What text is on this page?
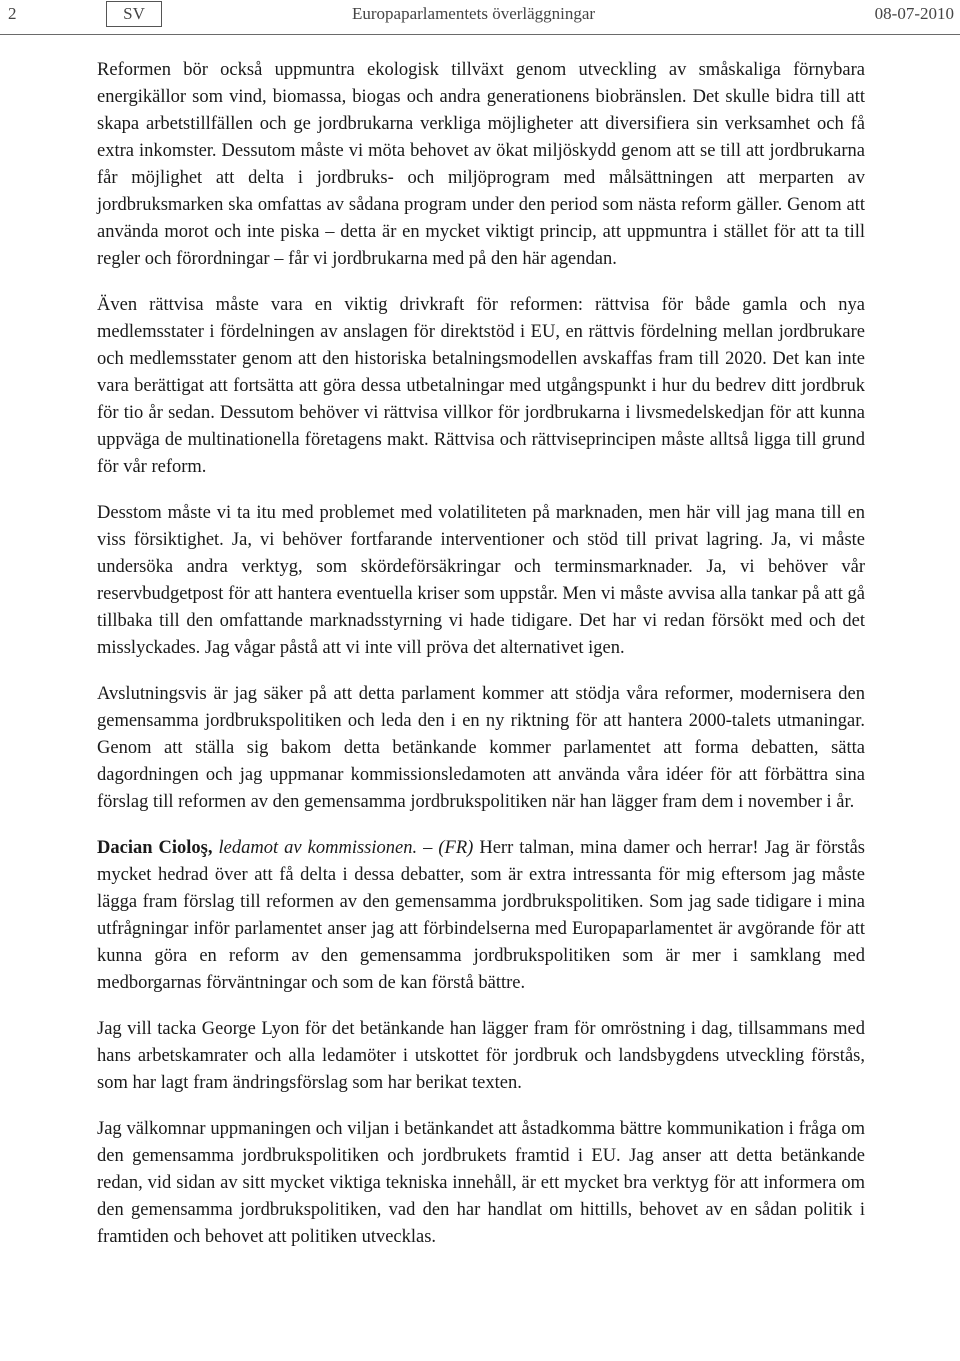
2	SV	Europaparlamentets överläggningar	08-07-2010

Reformen bör också uppmuntra ekologisk tillväxt genom utveckling av småskaliga förnybara energikällor som vind, biomassa, biogas och andra generationens biobränslen. Det skulle bidra till att skapa arbetstillfällen och ge jordbrukarna verkliga möjligheter att diversifiera sin verksamhet och få extra inkomster. Dessutom måste vi möta behovet av ökat miljöskydd genom att se till att jordbrukarna får möjlighet att delta i jordbruks- och miljöprogram med målsättningen att merparten av jordbruksmarken ska omfattas av sådana program under den period som nästa reform gäller. Genom att använda morot och inte piska – detta är en mycket viktigt princip, att uppmuntra i stället för att ta till regler och förordningar – får vi jordbrukarna med på den här agendan.

Även rättvisa måste vara en viktig drivkraft för reformen: rättvisa för både gamla och nya medlemsstater i fördelningen av anslagen för direktstöd i EU, en rättvis fördelning mellan jordbrukare och medlemsstater genom att den historiska betalningsmodellen avskaffas fram till 2020. Det kan inte vara berättigat att fortsätta att göra dessa utbetalningar med utgångspunkt i hur du bedrev ditt jordbruk för tio år sedan. Dessutom behöver vi rättvisa villkor för jordbrukarna i livsmedelskedjan för att kunna uppväga de multinationella företagens makt. Rättvisa och rättviseprincipen måste alltså ligga till grund för vår reform.

Desstom måste vi ta itu med problemet med volatiliteten på marknaden, men här vill jag mana till en viss försiktighet. Ja, vi behöver fortfarande interventioner och stöd till privat lagring. Ja, vi måste undersöka andra verktyg, som skördeförsäkringar och terminsmarknader. Ja, vi behöver vår reservbudgetpost för att hantera eventuella kriser som uppstår. Men vi måste avvisa alla tankar på att gå tillbaka till den omfattande marknadsstyrning vi hade tidigare. Det har vi redan försökt med och det misslyckades. Jag vågar påstå att vi inte vill pröva det alternativet igen.

Avslutningsvis är jag säker på att detta parlament kommer att stödja våra reformer, modernisera den gemensamma jordbrukspolitiken och leda den i en ny riktning för att hantera 2000-talets utmaningar. Genom att ställa sig bakom detta betänkande kommer parlamentet att forma debatten, sätta dagordningen och jag uppmanar kommissionsledamoten att använda våra idéer för att förbättra sina förslag till reformen av den gemensamma jordbrukspolitiken när han lägger fram dem i november i år.

Dacian Cioloş, ledamot av kommissionen. – (FR) Herr talman, mina damer och herrar! Jag är förstås mycket hedrad över att få delta i dessa debatter, som är extra intressanta för mig eftersom jag måste lägga fram förslag till reformen av den gemensamma jordbrukspolitiken. Som jag sade tidigare i mina utfrågningar inför parlamentet anser jag att förbindelserna med Europaparlamentet är avgörande för att kunna göra en reform av den gemensamma jordbrukspolitiken som är mer i samklang med medborgarnas förväntningar och som de kan förstå bättre.

Jag vill tacka George Lyon för det betänkande han lägger fram för omröstning i dag, tillsammans med hans arbetskamrater och alla ledamöter i utskottet för jordbruk och landsbygdens utveckling förstås, som har lagt fram ändringsförslag som har berikat texten.

Jag välkomnar uppmaningen och viljan i betänkandet att åstadkomma bättre kommunikation i fråga om den gemensamma jordbrukspolitiken och jordbrukets framtid i EU. Jag anser att detta betänkande redan, vid sidan av sitt mycket viktiga tekniska innehåll, är ett mycket bra verktyg för att informera om den gemensamma jordbrukspolitiken, vad den har handlat om hittills, behovet av en sådan politik i framtiden och behovet att politiken utvecklas.
